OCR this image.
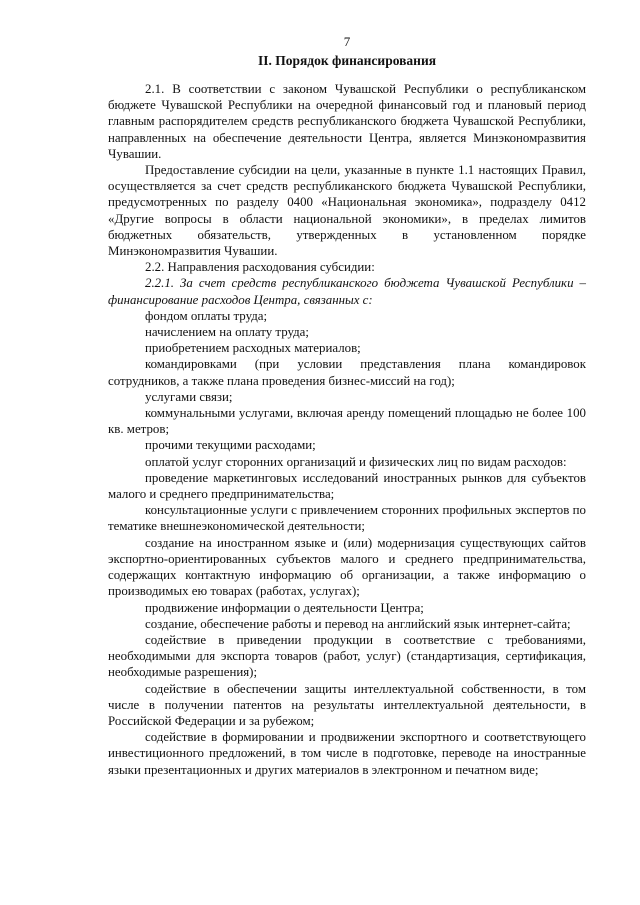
7
II. Порядок финансирования

2.1. В соответствии с законом Чувашской Республики о республиканском бюджете Чувашской Республики на очередной финансовый год и плановый период главным распорядителем средств республиканского бюджета Чувашской Республики, направленных на обеспечение деятельности Центра, является Минэкономразвития Чувашии.

Предоставление субсидии на цели, указанные в пункте 1.1 настоящих Правил, осуществляется за счет средств республиканского бюджета Чувашской Республики, предусмотренных по разделу 0400 «Национальная экономика», подразделу 0412 «Другие вопросы в области национальной экономики», в пределах лимитов бюджетных обязательств, утвержденных в установленном порядке Минэкономразвития Чувашии.

2.2. Направления расходования субсидии:

2.2.1. За счет средств республиканского бюджета Чувашской Республики – финансирование расходов Центра, связанных с:

фондом оплаты труда;

начислением на оплату труда;

приобретением расходных материалов;

командировками (при условии представления плана командировок сотрудников, а также плана проведения бизнес-миссий на год);

услугами связи;

коммунальными услугами, включая аренду помещений площадью не более 100 кв. метров;

прочими текущими расходами;

оплатой услуг сторонних организаций и физических лиц по видам расходов:

проведение маркетинговых исследований иностранных рынков для субъектов малого и среднего предпринимательства;

консультационные услуги с привлечением сторонних профильных экспертов по тематике внешнеэкономической деятельности;

создание на иностранном языке и (или) модернизация существующих сайтов экспортно-ориентированных субъектов малого и среднего предпринимательства, содержащих контактную информацию об организации, а также информацию о производимых ею товарах (работах, услугах);

продвижение информации о деятельности Центра;

создание, обеспечение работы и перевод на английский язык интернет-сайта;

содействие в приведении продукции в соответствие с требованиями, необходимыми для экспорта товаров (работ, услуг) (стандартизация, сертификация, необходимые разрешения);

содействие в обеспечении защиты интеллектуальной собственности, в том числе в получении патентов на результаты интеллектуальной деятельности, в Российской Федерации и за рубежом;

содействие в формировании и продвижении экспортного и соответствующего инвестиционного предложений, в том числе в подготовке, переводе на иностранные языки презентационных и других материалов в электронном и печатном виде;
